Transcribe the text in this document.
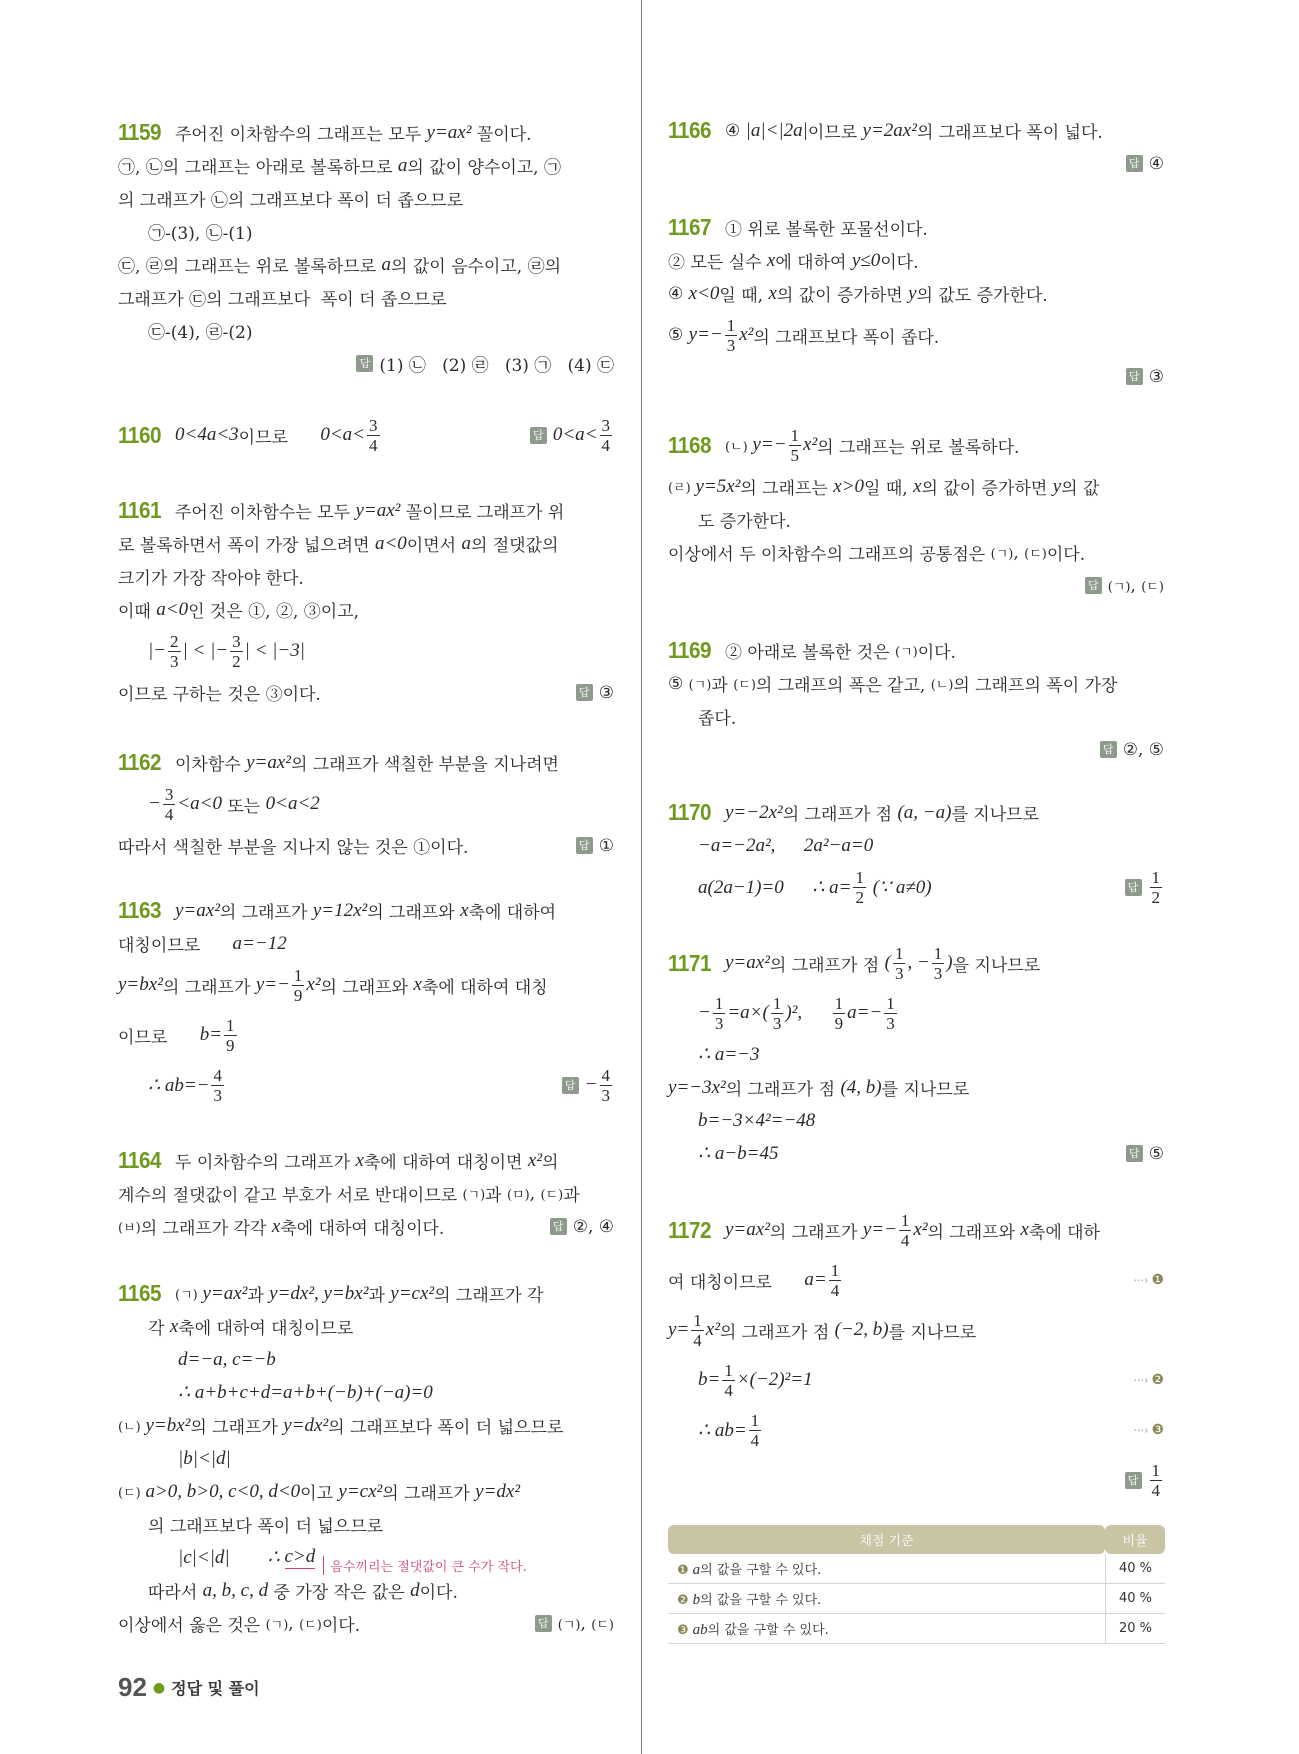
1159 주어진 이차함수의 그래프는 모두 y=ax² 꼴이다.
㉠, ㉡의 그래프는 아래로 볼록하므로 a 의 값이 양수이고, ㉠
의 그래프가 ㉡의 그래프보다 폭이 더 좁으므로
㉠-(3), ㉡-(1)
㉢, ㉣의 그래프는 위로 볼록하므로 a 의 값이 음수이고, ㉣의
그래프가 ㉢의 그래프보다  폭이 더 좁으므로
㉢-(4), ㉣-(2)
답 (1) ㉡   (2) ㉣   (3) ㉠   (4) ㉢
1160 0<4a<3 이므로 $0<a< \frac{3}{4}$	답 $0<a< \frac{3}{4}$
1161 주어진 이차함수는 모두 y=ax² 꼴이므로 그래프가 위
로 볼록하면서 폭이 가장 넓으려면 a<0 이면서 a 의 절댓값의
크기가 가장 작아야 한다.
이때 a<0 인 것은 ①, ②, ③이고,
|− $\frac{2}{3}$ | < |− $\frac{3}{2}$ | < |−3|
이므로 구하는 것은 ③이다.	답 ③
1162 이차함수 y=ax² 의 그래프가 색칠한 부분을 지나려면
− $\frac{3}{4} <a<0$ 또는 0<a<2
따라서 색칠한 부분을 지나지 않는 것은 ①이다.	답 ①
1163 y=ax² 의 그래프가 y=12x² 의 그래프와 x 축에 대하여
대칭이므로 a=−12
y=bx² 의 그래프가 $y=- \frac{1}{9} x^2$ 의 그래프와 x 축에 대하여 대칭
이므로 $b= \frac{1}{9}$
∴ $ab=- \frac{4}{3}$	답 − $\frac{4}{3}$
1164 두 이차함수의 그래프가 x 축에 대하여 대칭이면 x² 의
계수의 절댓값이 같고 부호가 서로 반대이므로 (ㄱ) 과 (ㅁ) , (ㄷ) 과
(ㅂ) 의 그래프가 각각 x 축에 대하여 대칭이다.	답 ②, ④
1165 (ㄱ) y=ax² 과 y=dx², y=bx² 과 y=cx² 의 그래프가 각
각 x 축에 대하여 대칭이므로
d=−a, c=−b
∴ a+b+c+d=a+b+(−b)+(−a)=0
(ㄴ) y=bx² 의 그래프가 y=dx² 의 그래프보다 폭이 더 넓으므로
|b|<|d|
(ㄷ) a>0, b>0, c<0, d<0 이고 y=cx² 의 그래프가 y=dx²
의 그래프보다 폭이 더 넓으므로
|c|<|d|        ∴ c>d
음수끼리는 절댓값이 큰 수가 작다.
따라서 a, b, c, d 중 가장 작은 값은 d 이다.
이상에서 옳은 것은 (ㄱ) , (ㄷ) 이다.	답 (ㄱ) , (ㄷ)
1166 ④ |a|<|2a| 이므로 y=2ax² 의 그래프보다 폭이 넓다.
답 ④
1167 ① 위로 볼록한 포물선이다.
② 모든 실수 x 에 대하여 y≤0 이다.
④ x<0 일 때, x 의 값이 증가하면 y 의 값도 증가한다.
⑤ $y=- \frac{1}{3} x^2$ 의 그래프보다 폭이 좁다.
답 ③
1168 (ㄴ) $y=- \frac{1}{5} x^2$ 의 그래프는 위로 볼록하다.
(ㄹ) y=5x² 의 그래프는 x>0 일 때, x 의 값이 증가하면 y 의 값
도 증가한다.
이상에서 두 이차함수의 그래프의 공통점은 (ㄱ) , (ㄷ) 이다.
답 (ㄱ) , (ㄷ)
1169 ② 아래로 볼록한 것은 (ㄱ) 이다.
⑤ (ㄱ) 과 (ㄷ) 의 그래프의 폭은 같고, (ㄴ) 의 그래프의 폭이 가장
좁다.
답 ②, ⑤
1170 y=−2x² 의 그래프가 점 (a, −a) 를 지나므로
−a=−2a²,      2a²−a=0
a(2a−1)=0      ∴ $a= \frac{1}{2}$ (∵ a≠0)	답 $\frac{1}{2}$
1171 y=ax² 의 그래프가 점 ( $\frac{1}{3}$ , − $\frac{1}{3}$ ) 을 지나므로
− $\frac{1}{3} =a\times( \frac{1}{3} )^2$, $\frac{1}{9} a=- \frac{1}{3}$
∴ a=−3
y=−3x² 의 그래프가 점 (4, b) 를 지나므로
b=−3×4²=−48
∴ a−b=45	답 ⑤
1172 y=ax² 의 그래프가 $y=- \frac{1}{4} x^2$ 의 그래프와 x 축에 대하
여 대칭이므로 $a= \frac{1}{4}$	···› ❶
$y= \frac{1}{4} x^2$ 의 그래프가 점 (−2, b) 를 지나므로
$b= \frac{1}{4} \times(-2)^2=1$	···› ❷
∴ $ab= \frac{1}{4}$	···› ❸
답 $\frac{1}{4}$
채점 기준	비율
❶ a의 값을 구할 수 있다.	40 %
❷ b의 값을 구할 수 있다.	40 %
❸ ab의 값을 구할 수 있다.	20 %
92 ● 정답 및 풀이
